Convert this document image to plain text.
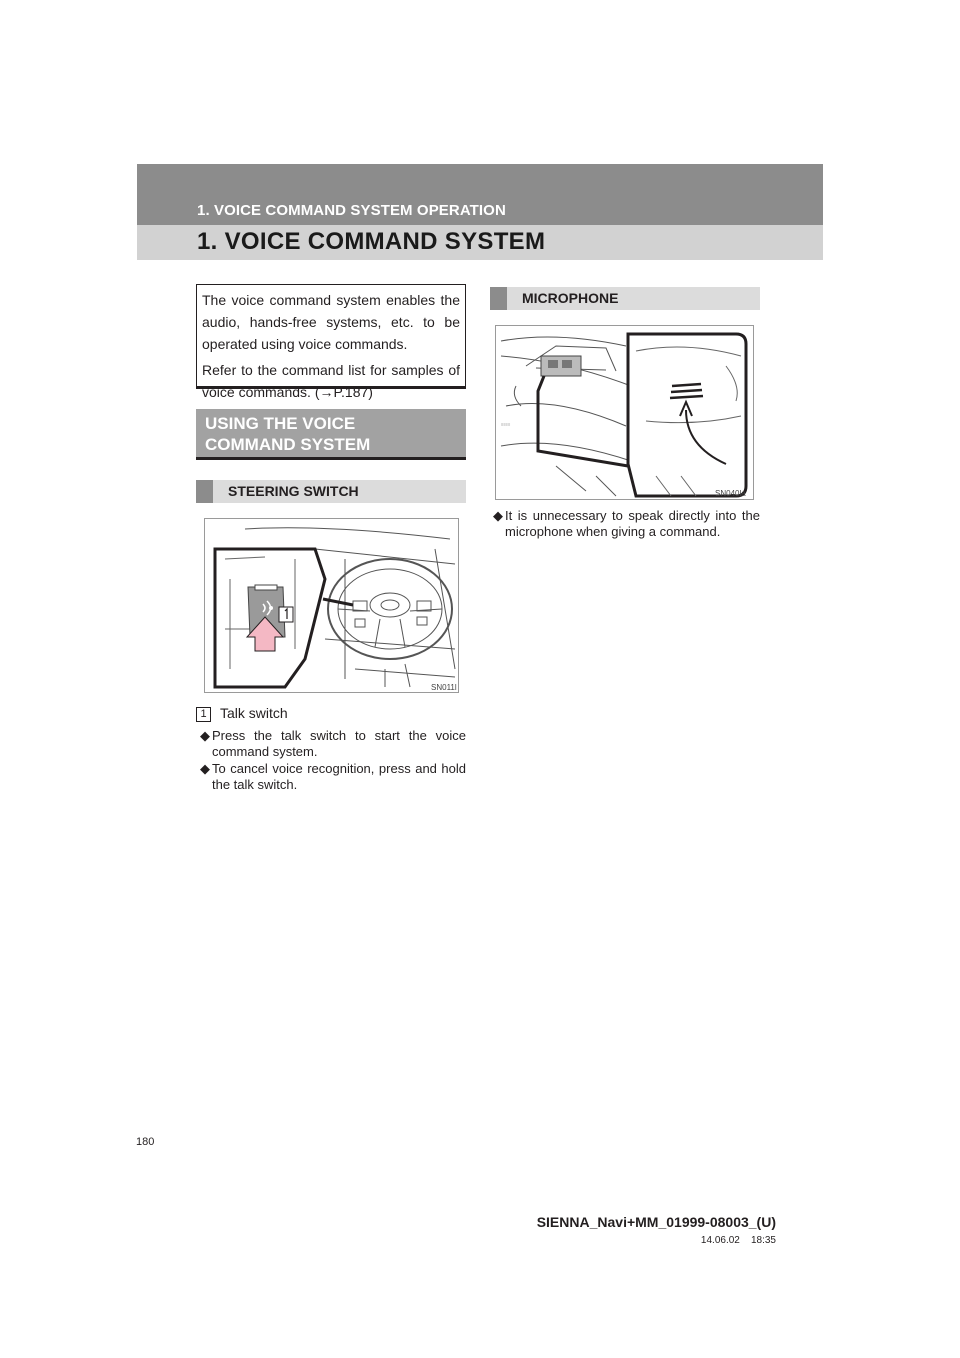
1. VOICE COMMAND SYSTEM OPERATION
1. VOICE COMMAND SYSTEM

The voice command system enables the audio, hands-free systems, etc. to be operated using voice commands.

Refer to the command list for samples of voice commands. (→P.187)

USING THE VOICE
COMMAND SYSTEM
STEERING SWITCH
SN011l
1 Talk switch
◆ Press the talk switch to start the voice command system.
◆ To cancel voice recognition, press and hold the talk switch.
MICROPHONE
≡≡≡≡
SN040la
◆ It is unnecessary to speak directly into the microphone when giving a command.
180
SIENNA_Navi+MM_01999-08003_(U)
14.06.02    18:35
